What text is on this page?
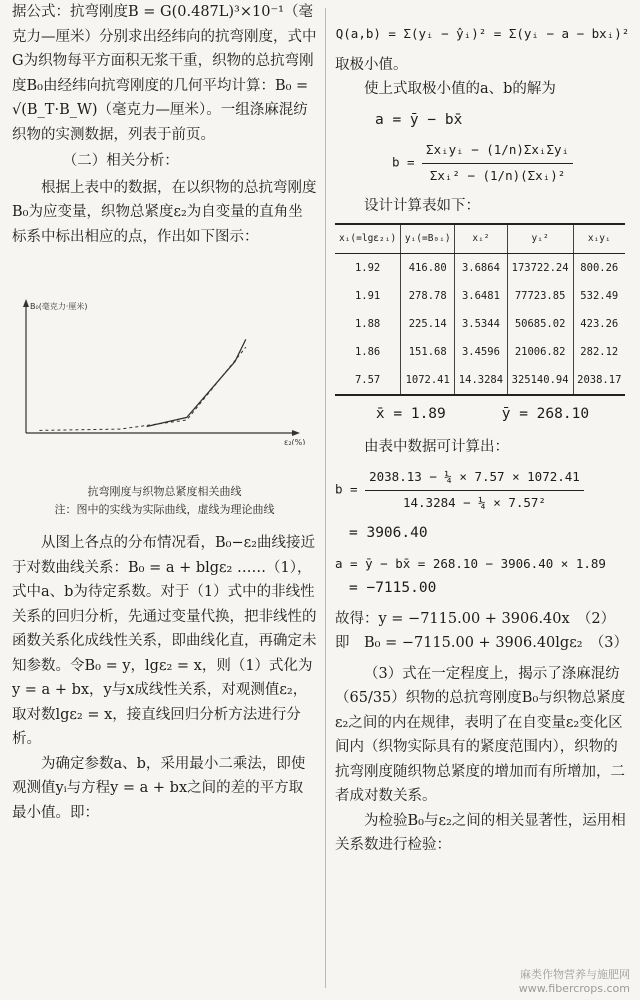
据公式：抗弯刚度B = G(0.487L)³×10⁻¹（毫克力—厘米）分别求出经纬向的抗弯刚度，式中G为织物每平方面积无浆干重，织物的总抗弯刚度B₀由经纬向抗弯刚度的几何平均计算：B₀ = √(B_T·B_W)（毫克力—厘米）。一组涤麻混纺织物的实测数据，列表于前页。

（二）相关分析：

根据上表中的数据，在以织物的总抗弯刚度B₀为应变量，织物总紧度ε₂为自变量的直角坐标系中标出相应的点，作出如下图示：

B₀(毫克力·厘米)
ε₂(%)

抗弯刚度与织物总紧度相关曲线

注：图中的实线为实际曲线，虚线为理论曲线

从图上各点的分布情况看，B₀−ε₂曲线接近于对数曲线关系：B₀ = a + blgε₂ ……（1），式中a、b为待定系数。对于（1）式中的非线性关系的回归分析，先通过变量代换，把非线性的函数关系化成线性关系，即曲线化直，再确定未知参数。令B₀ = y，lgε₂ = x，则（1）式化为y = a + bx，y与x成线性关系，对观测值ε₂，取对数lgε₂ = x，接直线回归分析方法进行分析。

为确定参数a、b，采用最小二乘法，即使观测值yᵢ与方程y = a + bx之间的差的平方取最小值。即：

Q(a,b) = Σ(yᵢ − ŷᵢ)² = Σ(yᵢ − a − bxᵢ)²

取极小值。

使上式取极小值的a、b的解为

a = ȳ − bx̄

$b = \frac{\text{Σxᵢyᵢ − (1/n)ΣxᵢΣyᵢ}}{\text{Σxᵢ² − (1/n)(Σxᵢ)²}}$

设计计算表如下：

xᵢ(=lgε₂ᵢ)	yᵢ(=B₀ᵢ)	xᵢ²	yᵢ²	xᵢyᵢ
1.92	416.80	3.6864	173722.24	800.26
1.91	278.78	3.6481	77723.85	532.49
1.88	225.14	3.5344	50685.02	423.26
1.86	151.68	3.4596	21006.82	282.12
7.57	1072.41	14.3284	325140.94	2038.17
x̄ = 1.89	ȳ = 268.10

由表中数据可计算出：

$b = \frac{\text{2038.13 − ¼ × 7.57 × 1072.41}}{\text{14.3284 − ¼ × 7.57²}}$

= 3906.40

a = ȳ − bx̄ = 268.10 − 3906.40 × 1.89

= −7115.00

故得：y = −7115.00 + 3906.40x　（2）

即　B₀ = −7115.00 + 3906.40lgε₂　（3）

（3）式在一定程度上，揭示了涤麻混纺（65/35）织物的总抗弯刚度B₀与织物总紧度ε₂之间的内在规律，表明了在自变量ε₂变化区间内（织物实际具有的紧度范围内），织物的抗弯刚度随织物总紧度的增加而有所增加，二者成对数关系。

为检验B₀与ε₂之间的相关显著性，运用相关系数进行检验：

麻类作物营养与施肥网
www.fibercrops.com
